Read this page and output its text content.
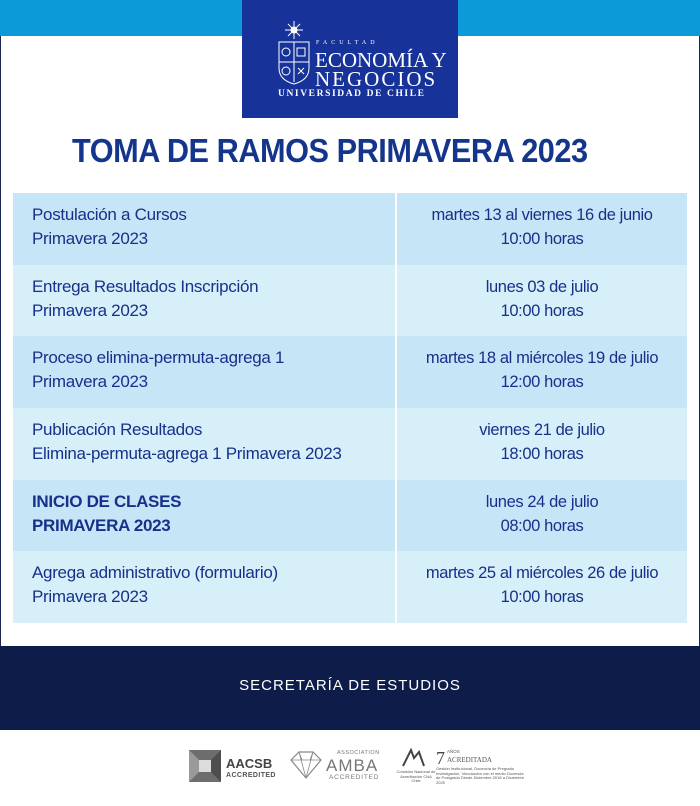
FACULTAD
ECONOMÍA Y
NEGOCIOS
UNIVERSIDAD DE CHILE
TOMA DE RAMOS PRIMAVERA 2023
Postulación a Cursos
Primavera 2023
martes 13 al viernes 16 de junio
10:00 horas
Entrega Resultados Inscripción
Primavera 2023
lunes 03 de julio
10:00 horas
Proceso elimina-permuta-agrega 1
Primavera 2023
martes 18 al miércoles 19 de julio
12:00 horas
Publicación Resultados
Elimina-permuta-agrega 1 Primavera 2023
viernes 21 de julio
18:00 horas
INICIO DE CLASES
PRIMAVERA 2023
lunes 24 de julio
08:00 horas
Agrega administrativo (formulario)
Primavera 2023
martes 25 al miércoles 26 de julio
10:00 horas
SECRETARÍA DE ESTUDIOS
AACSB
ACCREDITED
ASSOCIATION
AMBA
ACCREDITED
Comisión Nacional de Acreditación CNA Chile
7 AÑOS
ACREDITADA
Gestión Institucional, Docencia de Pregrado Investigación, Vinculación con el medio Docencia de Postgrado Desde Diciembre 2018 a Diciembre 2025
